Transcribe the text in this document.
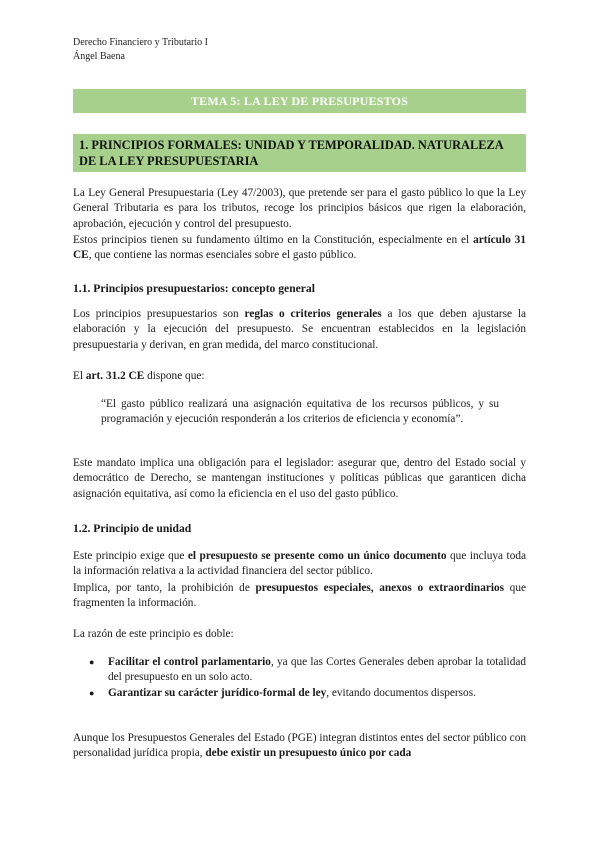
Derecho Financiero y Tributario I
Ángel Baena
TEMA 5: LA LEY DE PRESUPUESTOS
1. PRINCIPIOS FORMALES: UNIDAD Y TEMPORALIDAD. NATURALEZA DE LA LEY PRESUPUESTARIA
La Ley General Presupuestaria (Ley 47/2003), que pretende ser para el gasto público lo que la Ley General Tributaria es para los tributos, recoge los principios básicos que rigen la elaboración, aprobación, ejecución y control del presupuesto.
Estos principios tienen su fundamento último en la Constitución, especialmente en el artículo 31 CE, que contiene las normas esenciales sobre el gasto público.
1.1. Principios presupuestarios: concepto general
Los principios presupuestarios son reglas o criterios generales a los que deben ajustarse la elaboración y la ejecución del presupuesto. Se encuentran establecidos en la legislación presupuestaria y derivan, en gran medida, del marco constitucional.
El art. 31.2 CE dispone que:
“El gasto público realizará una asignación equitativa de los recursos públicos, y su programación y ejecución responderán a los criterios de eficiencia y economía”.
Este mandato implica una obligación para el legislador: asegurar que, dentro del Estado social y democrático de Derecho, se mantengan instituciones y políticas públicas que garanticen dicha asignación equitativa, así como la eficiencia en el uso del gasto público.
1.2. Principio de unidad
Este principio exige que el presupuesto se presente como un único documento que incluya toda la información relativa a la actividad financiera del sector público.
Implica, por tanto, la prohibición de presupuestos especiales, anexos o extraordinarios que fragmenten la información.
La razón de este principio es doble:
● Facilitar el control parlamentario, ya que las Cortes Generales deben aprobar la totalidad del presupuesto en un solo acto.
● Garantizar su carácter jurídico-formal de ley, evitando documentos dispersos.
Aunque los Presupuestos Generales del Estado (PGE) integran distintos entes del sector público con personalidad jurídica propia, debe existir un presupuesto único por cada
